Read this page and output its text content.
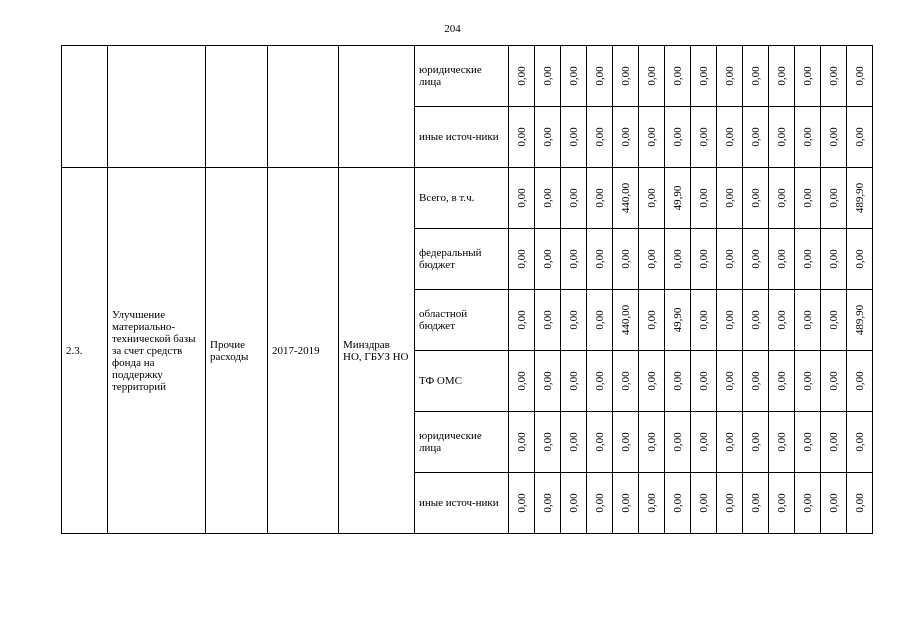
204
					юридические лица	0,00	0,00	0,00	0,00	0,00	0,00	0,00	0,00	0,00	0,00	0,00	0,00	0,00	0,00

					иные источ-ники	0,00	0,00	0,00	0,00	0,00	0,00	0,00	0,00	0,00	0,00	0,00	0,00	0,00	0,00

2.3.	Улучшение материально-технической базы за счет средств фонда на поддержку территорий	Прочие расходы	2017-2019	Минздрав НО, ГБУЗ НО	Всего, в т.ч.	0,00	0,00	0,00	0,00	440,00	0,00	49,90	0,00	0,00	0,00	0,00	0,00	0,00	489,90

					федеральный бюджет	0,00	0,00	0,00	0,00	0,00	0,00	0,00	0,00	0,00	0,00	0,00	0,00	0,00	0,00

					областной бюджет	0,00	0,00	0,00	0,00	440,00	0,00	49,90	0,00	0,00	0,00	0,00	0,00	0,00	489,90

					ТФ ОМС	0,00	0,00	0,00	0,00	0,00	0,00	0,00	0,00	0,00	0,00	0,00	0,00	0,00	0,00

					юридические лица	0,00	0,00	0,00	0,00	0,00	0,00	0,00	0,00	0,00	0,00	0,00	0,00	0,00	0,00

					иные источ-ники	0,00	0,00	0,00	0,00	0,00	0,00	0,00	0,00	0,00	0,00	0,00	0,00	0,00	0,00
